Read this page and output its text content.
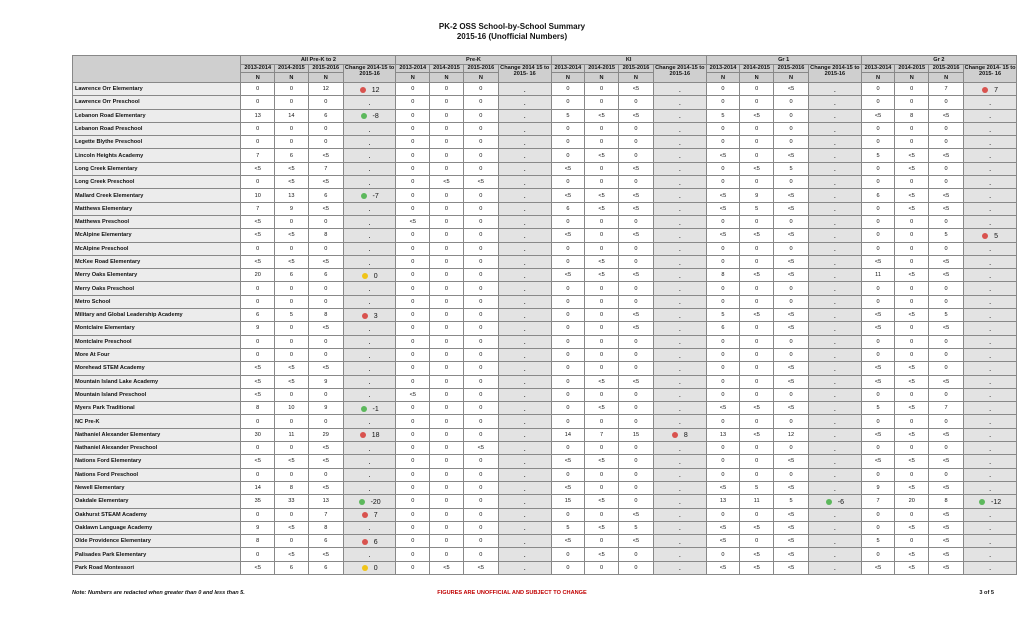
PK-2 OSS School-by-School Summary
2015-16 (Unofficial Numbers)
	All Pre-K to 2				Pre-K				KI				Gr 1				Gr 2			
	2013-2014	2014-2015	2015-2016	Change 2014-15 to 2015-16	2013-2014	2014-2015	2015-2016	Change 2014 15 to 2015- 16	2013-2014	2014-2015	2015-2016	Change 2014-15 to 2015-16	2013-2014	2014-2015	2015-2016	Change 2014-15 to 2015-16	2013-2014	2014-2015	2015-2016	Change 2014- 15 to 2015- 16
	N	N	N		N	N	N		N	N	N		N	N	N		N	N	N	
Lawrence Orr Elementary	0	0	12	12	0	0	0	.	0	0	<5	.	0	0	<5	.	0	0	7	7
Lawrence Orr Preschool	0	0	0	.	0	0	0	.	0	0	0	.	0	0	0	.	0	0	0	.
Lebanon Road Elementary	13	14	6	-8	0	0	0	.	5	<5	<5	.	5	<5	0	.	<5	8	<5	.
Lebanon Road Preschool	0	0	0	.	0	0	0	.	0	0	0	.	0	0	0	.	0	0	0	.
Legette Blythe Preschool	0	0	0	.	0	0	0	.	0	0	0	.	0	0	0	.	0	0	0	.
Lincoln Heights Academy	7	6	<5	.	0	0	0	.	0	<5	0	.	<5	0	<5	.	5	<5	<5	.
Long Creek Elementary	<5	<5	7	.	0	0	0	.	<5	0	<5	.	0	<5	5	.	0	<5	0	.
Long Creek Preschool	0	<5	<5	.	0	<5	<5	.	0	0	0	.	0	0	0	.	0	0	0	.
Mallard Creek Elementary	10	13	6	-7	0	0	0	.	<5	<5	<5	.	<5	9	<5	.	6	<5	<5	.
Matthews Elementary	7	9	<5	.	0	0	0	.	6	<5	<5	.	<5	5	<5	.	0	<5	<5	.
Matthews Preschool	<5	0	0	.	<5	0	0	.	0	0	0	.	0	0	0	.	0	0	0	.
McAlpine Elementary	<5	<5	8	.	0	0	0	.	<5	0	<5	.	<5	<5	<5	.	0	0	5	5
McAlpine Preschool	0	0	0	.	0	0	0	.	0	0	0	.	0	0	0	.	0	0	0	.
McKee Road Elementary	<5	<5	<5	.	0	0	0	.	0	<5	0	.	0	0	<5	.	<5	0	<5	.
Merry Oaks Elementary	20	6	6	0	0	0	0	.	<5	<5	<5	.	8	<5	<5	.	11	<5	<5	.
Merry Oaks Preschool	0	0	0	.	0	0	0	.	0	0	0	.	0	0	0	.	0	0	0	.
Metro School	0	0	0	.	0	0	0	.	0	0	0	.	0	0	0	.	0	0	0	.
Military and Global Leadership Academy	6	5	8	3	0	0	0	.	0	0	<5	.	5	<5	<5	.	<5	<5	5	.
Montclaire Elementary	9	0	<5	.	0	0	0	.	0	0	<5	.	6	0	<5	.	<5	0	<5	.
Montclaire Preschool	0	0	0	.	0	0	0	.	0	0	0	.	0	0	0	.	0	0	0	.
More At Four	0	0	0	.	0	0	0	.	0	0	0	.	0	0	0	.	0	0	0	.
Morehead STEM Academy	<5	<5	<5	.	0	0	0	.	0	0	0	.	0	0	<5	.	<5	<5	0	.
Mountain Island Lake Academy	<5	<5	9	.	0	0	0	.	0	<5	<5	.	0	0	<5	.	<5	<5	<5	.
Mountain Island Preschool	<5	0	0	.	<5	0	0	.	0	0	0	.	0	0	0	.	0	0	0	.
Myers Park Traditional	8	10	9	-1	0	0	0	.	0	<5	0	.	<5	<5	<5	.	5	<5	7	.
NC Pre-K	0	0	0	.	0	0	0	.	0	0	0	.	0	0	0	.	0	0	0	.
Nathaniel Alexander Elementary	30	11	29	18	0	0	0	.	14	7	15	8	13	<5	12	.	<5	<5	<5	.
Nathaniel Alexander Preschool	0	0	<5	.	0	0	<5	.	0	0	0	.	0	0	0	.	0	0	0	.
Nations Ford Elementary	<5	<5	<5	.	0	0	0	.	<5	<5	0	.	0	0	<5	.	<5	<5	<5	.
Nations Ford Preschool	0	0	0	.	0	0	0	.	0	0	0	.	0	0	0	.	0	0	0	.
Newell Elementary	14	8	<5	.	0	0	0	.	<5	0	0	.	<5	5	<5	.	9	<5	<5	.
Oakdale Elementary	35	33	13	-20	0	0	0	.	15	<5	0	.	13	11	5	-6	7	20	8	-12
Oakhurst STEAM Academy	0	0	7	7	0	0	0	.	0	0	<5	.	0	0	<5	.	0	0	<5	.
Oaklawn Language Academy	9	<5	8	.	0	0	0	.	5	<5	5	.	<5	<5	<5	.	0	<5	<5	.
Olde Providence Elementary	8	0	6	6	0	0	0	.	<5	0	<5	.	<5	0	<5	.	5	0	<5	.
Palisades Park Elementary	0	<5	<5	.	0	0	0	.	0	<5	0	.	0	<5	<5	.	0	<5	<5	.
Park Road Montessori	<5	6	6	0	0	<5	<5	.	0	0	0	.	<5	<5	<5	.	<5	<5	<5	.
Note: Numbers are redacted when greater than 0 and less than 5.	FIGURES ARE UNOFFICIAL AND SUBJECT TO CHANGE	3 of 5
